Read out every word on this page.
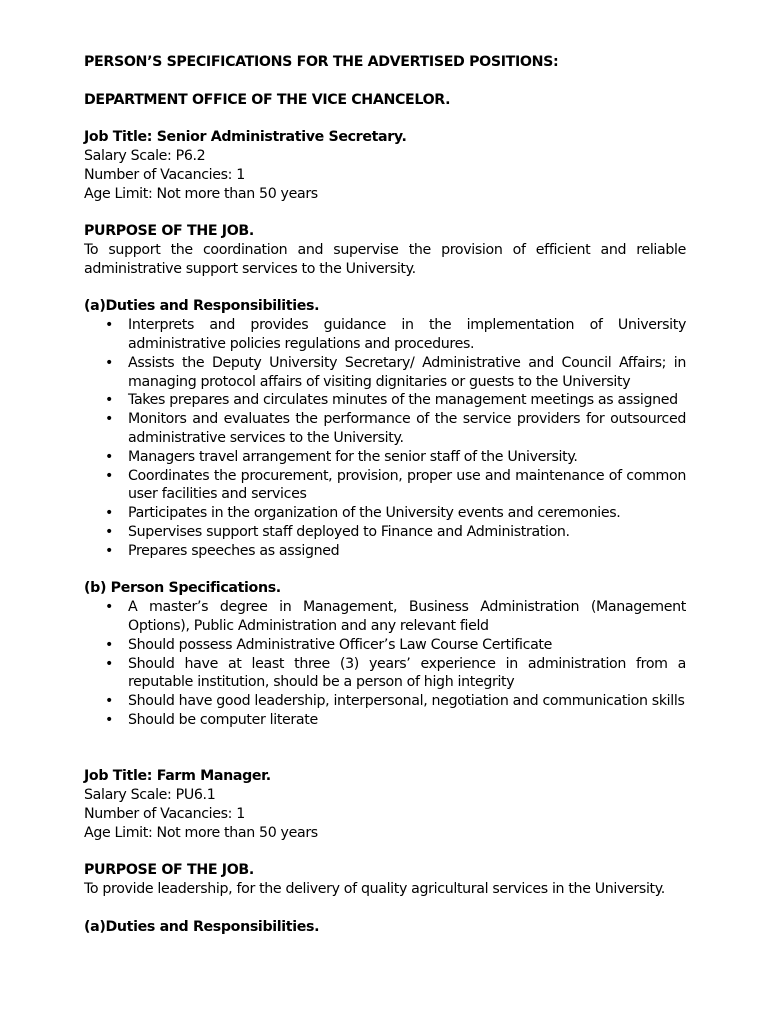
PERSON’S SPECIFICATIONS FOR THE ADVERTISED POSITIONS:
DEPARTMENT OFFICE OF THE VICE CHANCELOR.
Job Title: Senior Administrative Secretary.
Salary Scale: P6.2
Number of Vacancies: 1
Age Limit: Not more than 50 years
PURPOSE OF THE JOB.
To support the coordination and supervise the provision of efficient and reliable administrative support services to the University.
(a)Duties and Responsibilities.
• Interprets and provides guidance in the implementation of University administrative policies regulations and procedures.
• Assists the Deputy University Secretary/ Administrative and Council Affairs; in managing protocol affairs of visiting dignitaries or guests to the University
• Takes prepares and circulates minutes of the management meetings as assigned
• Monitors and evaluates the performance of the service providers for outsourced administrative services to the University.
• Managers travel arrangement for the senior staff of the University.
• Coordinates the procurement, provision, proper use and maintenance of common user facilities and services
• Participates in the organization of the University events and ceremonies.
• Supervises support staff deployed to Finance and Administration.
• Prepares speeches as assigned
(b) Person Specifications.
• A master’s degree in Management, Business Administration (Management Options), Public Administration and any relevant field
• Should possess Administrative Officer’s Law Course Certificate
• Should have at least three (3) years’ experience in administration from a reputable institution, should be a person of high integrity
• Should have good leadership, interpersonal, negotiation and communication skills
• Should be computer literate
Job Title: Farm Manager.
Salary Scale: PU6.1
Number of Vacancies: 1
Age Limit: Not more than 50 years
PURPOSE OF THE JOB.
To provide leadership, for the delivery of quality agricultural services in the University.
(a)Duties and Responsibilities.
